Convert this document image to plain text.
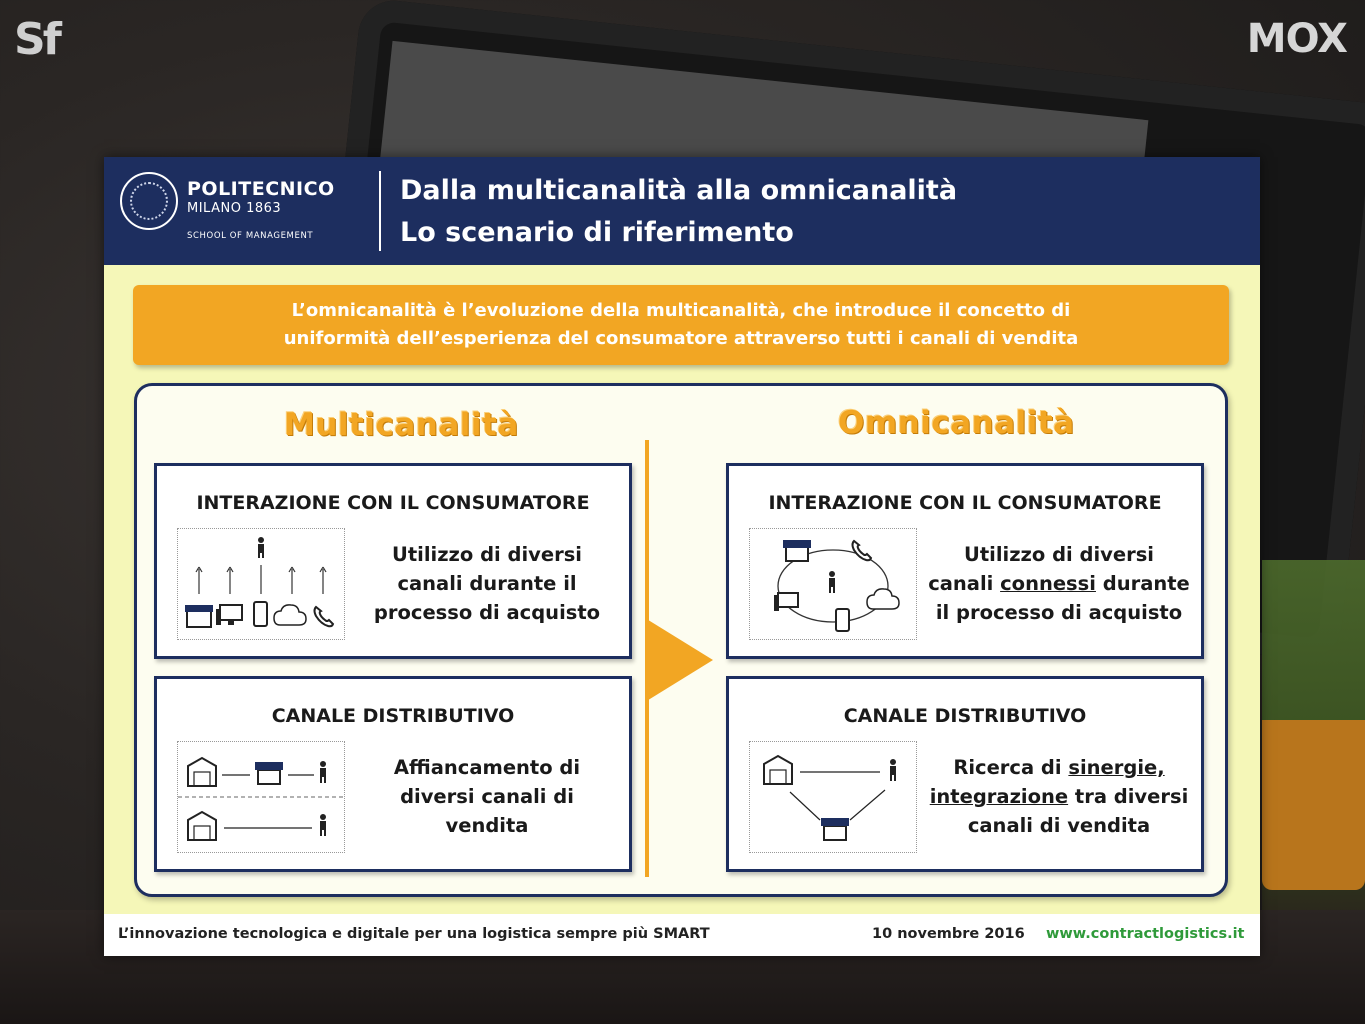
Sf	MOX
POLITECNICO
MILANO 1863
SCHOOL OF MANAGEMENT
Dalla multicanalità alla omnicanalità
Lo scenario di riferimento
L’omnicanalità è l’evoluzione della multicanalità, che introduce il concetto di
uniformità dell’esperienza del consumatore attraverso tutti i canali di vendita
Multicanalità	Omnicanalità
INTERAZIONE CON IL CONSUMATORE
Utilizzo di diversi
canali durante il
processo di acquisto
CANALE DISTRIBUTIVO
Affiancamento di
diversi canali di
vendita
INTERAZIONE CON IL CONSUMATORE
Utilizzo di diversi
canali connessi durante
il processo di acquisto
CANALE DISTRIBUTIVO
Ricerca di sinergie,
integrazione tra diversi
canali di vendita
L’innovazione tecnologica e digitale per una logistica sempre più SMART	10 novembre 2016 www.contractlogistics.it
